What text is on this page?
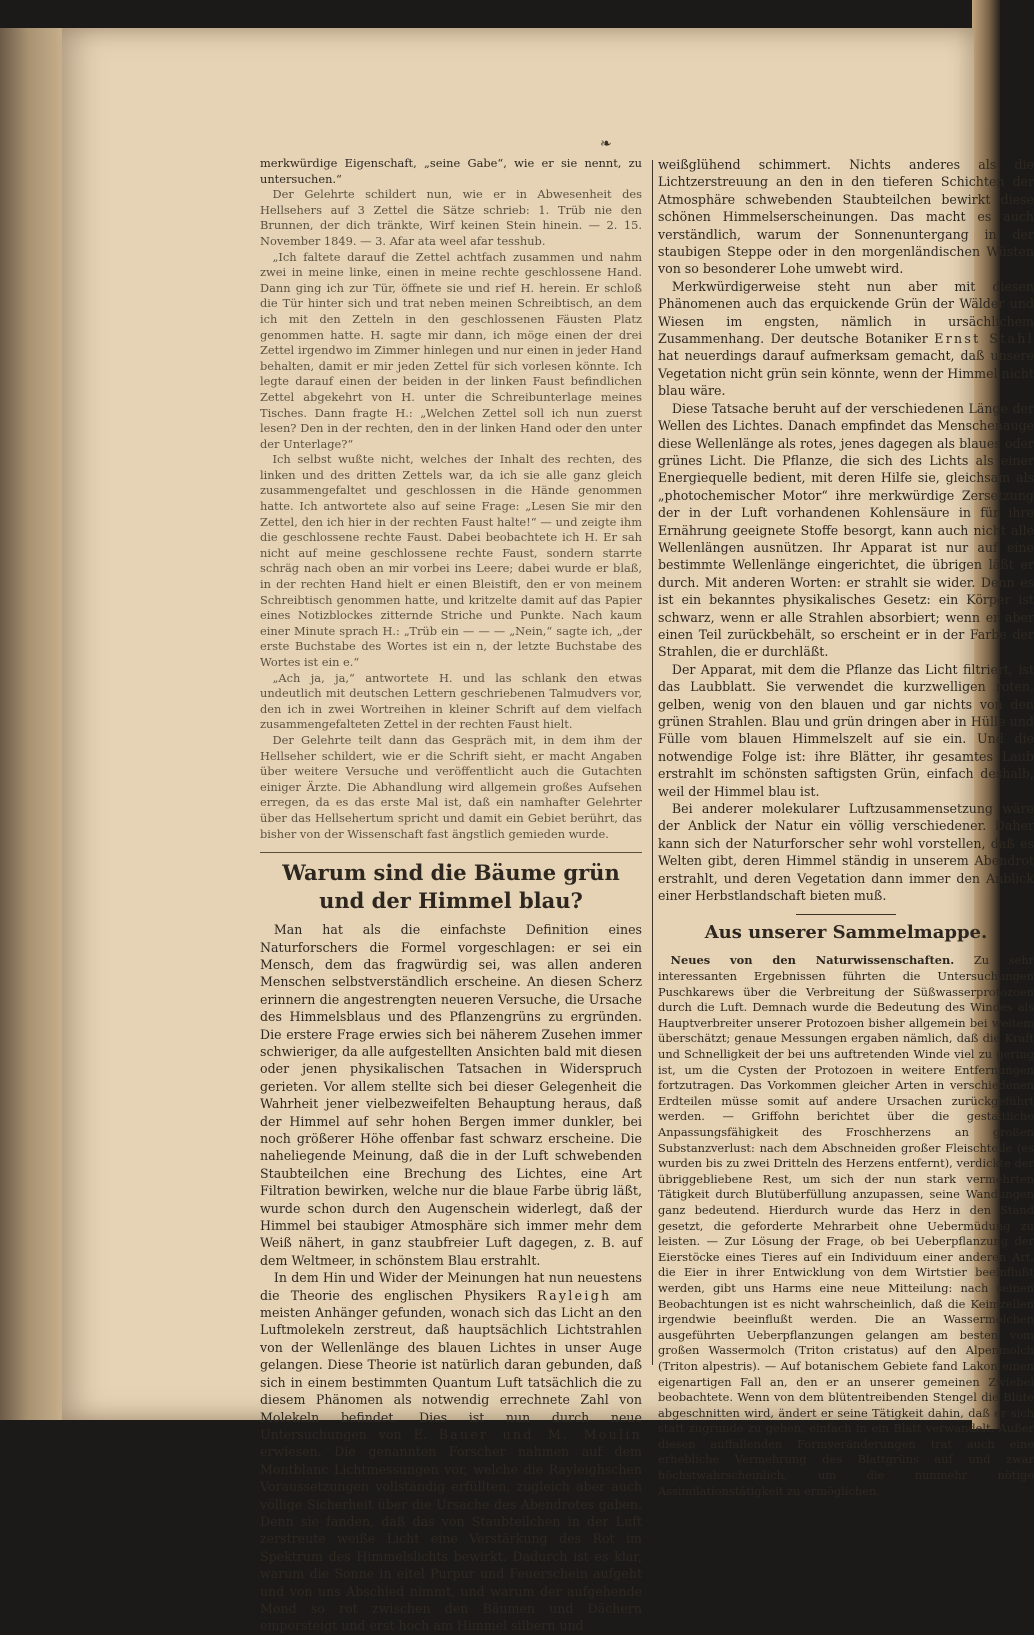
❧

merkwürdige Eigenschaft, „seine Gabe“, wie er sie nennt, zu untersuchen.“

Der Gelehrte schildert nun, wie er in Abwesenheit des Hellsehers auf 3 Zettel die Sätze schrieb: 1. Trüb nie den Brunnen, der dich tränkte, Wirf keinen Stein hinein. — 2. 15. November 1849. — 3. Afar ata weel afar tesshub.

„Ich faltete darauf die Zettel achtfach zusammen und nahm zwei in meine linke, einen in meine rechte geschlossene Hand. Dann ging ich zur Tür, öffnete sie und rief H. herein. Er schloß die Tür hinter sich und trat neben meinen Schreibtisch, an dem ich mit den Zetteln in den geschlossenen Fäusten Platz genommen hatte. H. sagte mir dann, ich möge einen der drei Zettel irgendwo im Zimmer hinlegen und nur einen in jeder Hand behalten, damit er mir jeden Zettel für sich vorlesen könnte. Ich legte darauf einen der beiden in der linken Faust befindlichen Zettel abgekehrt von H. unter die Schreibunterlage meines Tisches. Dann fragte H.: „Welchen Zettel soll ich nun zuerst lesen? Den in der rechten, den in der linken Hand oder den unter der Unterlage?“

Ich selbst wußte nicht, welches der Inhalt des rechten, des linken und des dritten Zettels war, da ich sie alle ganz gleich zusammengefaltet und geschlossen in die Hände genommen hatte. Ich antwortete also auf seine Frage: „Lesen Sie mir den Zettel, den ich hier in der rechten Faust halte!“ — und zeigte ihm die geschlossene rechte Faust. Dabei beobachtete ich H. Er sah nicht auf meine geschlossene rechte Faust, sondern starrte schräg nach oben an mir vorbei ins Leere; dabei wurde er blaß, in der rechten Hand hielt er einen Bleistift, den er von meinem Schreibtisch genommen hatte, und kritzelte damit auf das Papier eines Notizblockes zitternde Striche und Punkte. Nach kaum einer Minute sprach H.: „Trüb ein — — — „Nein,“ sagte ich, „der erste Buchstabe des Wortes ist ein n, der letzte Buchstabe des Wortes ist ein e.“

„Ach ja, ja,“ antwortete H. und las schlank den etwas undeutlich mit deutschen Lettern geschriebenen Talmudvers vor, den ich in zwei Wortreihen in kleiner Schrift auf dem vielfach zusammengefalteten Zettel in der rechten Faust hielt.

Der Gelehrte teilt dann das Gespräch mit, in dem ihm der Hellseher schildert, wie er die Schrift sieht, er macht Angaben über weitere Versuche und veröffentlicht auch die Gutachten einiger Ärzte. Die Abhandlung wird allgemein großes Aufsehen erregen, da es das erste Mal ist, daß ein namhafter Gelehrter über das Hellsehertum spricht und damit ein Gebiet berührt, das bisher von der Wissenschaft fast ängstlich gemieden wurde.

Warum sind die Bäume grün und der Himmel blau?

Man hat als die einfachste Definition eines Naturforschers die Formel vorgeschlagen: er sei ein Mensch, dem das fragwürdig sei, was allen anderen Menschen selbstverständlich erscheine. An diesen Scherz erinnern die angestrengten neueren Versuche, die Ursache des Himmelsblaus und des Pflanzengrüns zu ergründen. Die erstere Frage erwies sich bei näherem Zusehen immer schwieriger, da alle aufgestellten Ansichten bald mit diesen oder jenen physikalischen Tatsachen in Widerspruch gerieten. Vor allem stellte sich bei dieser Gelegenheit die Wahrheit jener vielbezweifelten Behauptung heraus, daß der Himmel auf sehr hohen Bergen immer dunkler, bei noch größerer Höhe offenbar fast schwarz erscheine. Die naheliegende Meinung, daß die in der Luft schwebenden Staubteilchen eine Brechung des Lichtes, eine Art Filtration bewirken, welche nur die blaue Farbe übrig läßt, wurde schon durch den Augenschein widerlegt, daß der Himmel bei staubiger Atmosphäre sich immer mehr dem Weiß nähert, in ganz staubfreier Luft dagegen, z. B. auf dem Weltmeer, in schönstem Blau erstrahlt.

In dem Hin und Wider der Meinungen hat nun neuestens die Theorie des englischen Physikers Rayleigh am meisten Anhänger gefunden, wonach sich das Licht an den Luftmolekeln zerstreut, daß hauptsächlich Lichtstrahlen von der Wellenlänge des blauen Lichtes in unser Auge gelangen. Diese Theorie ist natürlich daran gebunden, daß sich in einem bestimmten Quantum Luft tatsächlich die zu diesem Phänomen als notwendig errechnete Zahl von Molekeln befindet. Dies ist nun durch neue Untersuchungen von E. Bauer und M. Moulin erwiesen. Die genannten Forscher nahmen auf dem Montblanc Lichtmessungen vor, welche die Rayleighschen Voraussetzungen vollständig erfüllten, zugleich aber auch völlige Sicherheit über die Ursache des Abendrotes gaben. Denn sie fanden, daß das von Staubteilchen in der Luft zerstreute weiße Licht eine Verstärkung des Rot im Spektrum des Himmelslichts bewirkt. Dadurch ist es klar, warum die Sonne in eitel Purpur und Feuerschein aufgeht und von uns Abschied nimmt, und warum der aufgehende Mond so rot zwischen den Bäumen und Dächern emporsteigt und erst hoch am Himmel silbern und

weißglühend schimmert. Nichts anderes als die Lichtzerstreuung an den in den tieferen Schichten der Atmosphäre schwebenden Staubteilchen bewirkt diese schönen Himmelserscheinungen. Das macht es auch verständlich, warum der Sonnenuntergang in der staubigen Steppe oder in den morgenländischen Wüsten von so besonderer Lohe umwebt wird.

Merkwürdigerweise steht nun aber mit diesen Phänomenen auch das erquickende Grün der Wälder und Wiesen im engsten, nämlich in ursächlichem Zusammenhang. Der deutsche Botaniker Ernst Stahl hat neuerdings darauf aufmerksam gemacht, daß unsere Vegetation nicht grün sein könnte, wenn der Himmel nicht blau wäre.

Diese Tatsache beruht auf der verschiedenen Länge der Wellen des Lichtes. Danach empfindet das Menschenauge diese Wellenlänge als rotes, jenes dagegen als blaues oder grünes Licht. Die Pflanze, die sich des Lichts als einer Energiequelle bedient, mit deren Hilfe sie, gleichsam als „photochemischer Motor“ ihre merkwürdige Zersetzung der in der Luft vorhandenen Kohlensäure in für ihre Ernährung geeignete Stoffe besorgt, kann auch nicht alle Wellenlängen ausnützen. Ihr Apparat ist nur auf eine bestimmte Wellenlänge eingerichtet, die übrigen läßt er durch. Mit anderen Worten: er strahlt sie wider. Denn es ist ein bekanntes physikalisches Gesetz: ein Körper ist schwarz, wenn er alle Strahlen absorbiert; wenn er aber einen Teil zurückbehält, so erscheint er in der Farbe der Strahlen, die er durchläßt.

Der Apparat, mit dem die Pflanze das Licht filtriert, ist das Laubblatt. Sie verwendet die kurzwelligen roten, gelben, wenig von den blauen und gar nichts von den grünen Strahlen. Blau und grün dringen aber in Hülle und Fülle vom blauen Himmelszelt auf sie ein. Und die notwendige Folge ist: ihre Blätter, ihr gesamtes Laub erstrahlt im schönsten saftigsten Grün, einfach deshalb, weil der Himmel blau ist.

Bei anderer molekularer Luftzusammensetzung wäre der Anblick der Natur ein völlig verschiedener. Daher kann sich der Naturforscher sehr wohl vorstellen, daß es Welten gibt, deren Himmel ständig in unserem Abendrot erstrahlt, und deren Vegetation dann immer den Anblick einer Herbstlandschaft bieten muß.

Aus unserer Sammelmappe.

Neues von den Naturwissenschaften. Zu sehr interessanten Ergebnissen führten die Untersuchungen Puschkarews über die Verbreitung der Süßwasserprotozoen durch die Luft. Demnach wurde die Bedeutung des Windes als Hauptverbreiter unserer Protozoen bisher allgemein bei weitem überschätzt; genaue Messungen ergaben nämlich, daß die Kraft und Schnelligkeit der bei uns auftretenden Winde viel zu gering ist, um die Cysten der Protozoen in weitere Entfernungen fortzutragen. Das Vorkommen gleicher Arten in verschiedenen Erdteilen müsse somit auf andere Ursachen zurückgeführt werden. — Griffohn berichtet über die gestaltliche Anpassungsfähigkeit des Froschherzens an großen Substanzverlust: nach dem Abschneiden großer Fleischteile (es wurden bis zu zwei Dritteln des Herzens entfernt), verdickte der übriggebliebene Rest, um sich der nun stark vermehrten Tätigkeit durch Blutüberfüllung anzupassen, seine Wandungen ganz bedeutend. Hierdurch wurde das Herz in den Stand gesetzt, die geforderte Mehrarbeit ohne Uebermüdung zu leisten. — Zur Lösung der Frage, ob bei Ueberpflanzung der Eierstöcke eines Tieres auf ein Individuum einer anderen Art, die Eier in ihrer Entwicklung von dem Wirtstier beeinflußt werden, gibt uns Harms eine neue Mitteilung: nach seinen Beobachtungen ist es nicht wahrscheinlich, daß die Keimzellen irgendwie beeinflußt werden. Die an Wassermolchen ausgeführten Ueberpflanzungen gelangen am besten vom großen Wassermolch (Triton cristatus) auf den Alpenmolch (Triton alpestris). — Auf botanischem Gebiete fand Lakon einen eigenartigen Fall an, den er an unserer gemeinen Zwiebel beobachtete. Wenn von dem blütentreibenden Stengel die Blüte abgeschnitten wird, ändert er seine Tätigkeit dahin, daß er sich statt zugrunde zu gehen, einfach in ein Blatt verwandelt. Außer diesen auffallenden Formveränderungen trat auch eine erhebliche Vermehrung des Blattgrüns auf und zwar höchstwahrscheinlich, um die nunmehr nötige Assimilationstätigkeit zu ermöglichen.
